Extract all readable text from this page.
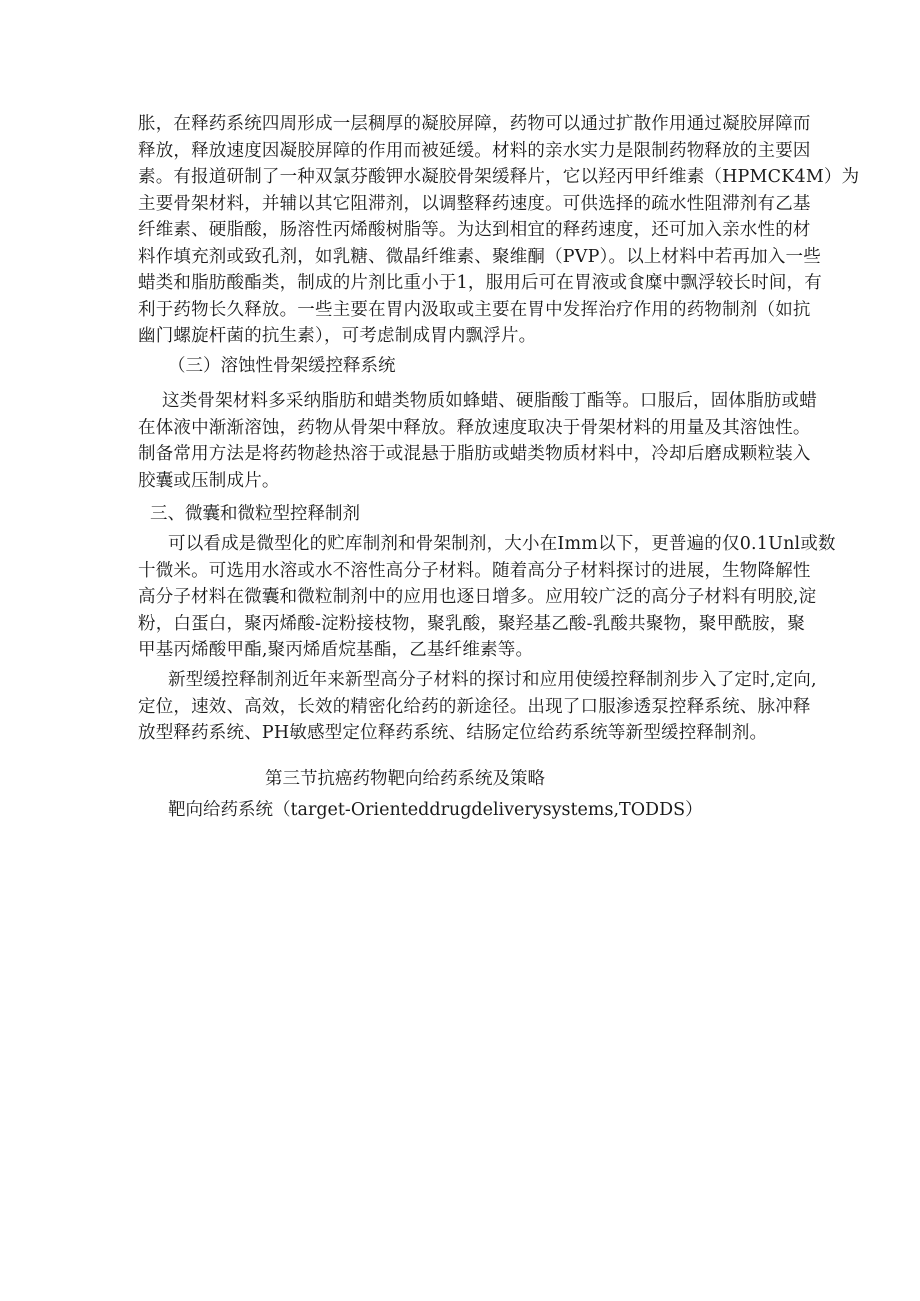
胀，在释药系统四周形成一层稠厚的凝胶屏障，药物可以通过扩散作用通过凝胶屏障而
释放，释放速度因凝胶屏障的作用而被延缓。材料的亲水实力是限制药物释放的主要因
素。有报道研制了一种双氯芬酸钾水凝胶骨架缓释片，它以羟丙甲纤维素（HPMCK4M）为
主要骨架材料，并辅以其它阻滞剂，以调整释药速度。可供选择的疏水性阻滞剂有乙基
纤维素、硬脂酸，肠溶性丙烯酸树脂等。为达到相宜的释药速度，还可加入亲水性的材
料作填充剂或致孔剂，如乳糖、微晶纤维素、聚维酮（PVP）。以上材料中若再加入一些
蜡类和脂肪酸酯类，制成的片剂比重小于1，服用后可在胃液或食糜中飘浮较长时间，有
利于药物长久释放。一些主要在胃内汲取或主要在胃中发挥治疗作用的药物制剂（如抗
幽门螺旋杆菌的抗生素），可考虑制成胃内飘浮片。
（三）溶蚀性骨架缓控释系统
这类骨架材料多采纳脂肪和蜡类物质如蜂蜡、硬脂酸丁酯等。口服后，固体脂肪或蜡
在体液中渐渐溶蚀，药物从骨架中释放。释放速度取决于骨架材料的用量及其溶蚀性。
制备常用方法是将药物趁热溶于或混悬于脂肪或蜡类物质材料中，冷却后磨成颗粒装入
胶囊或压制成片。
三、微囊和微粒型控释制剂
可以看成是微型化的贮库制剂和骨架制剂，大小在Imm以下，更普遍的仅0.1Unl或数
十微米。可选用水溶或水不溶性高分子材料。随着高分子材料探讨的进展，生物降解性
高分子材料在微囊和微粒制剂中的应用也逐日增多。应用较广泛的高分子材料有明胶,淀
粉，白蛋白，聚丙烯酸-淀粉接枝物，聚乳酸，聚羟基乙酸-乳酸共聚物，聚甲酰胺，聚
甲基丙烯酸甲酯,聚丙烯盾烷基酯，乙基纤维素等。
新型缓控释制剂近年来新型高分子材料的探讨和应用使缓控释制剂步入了定时,定向,
定位，速效、高效，长效的精密化给药的新途径。出现了口服渗透泵控释系统、脉冲释
放型释药系统、PH敏感型定位释药系统、结肠定位给药系统等新型缓控释制剂。
第三节抗癌药物靶向给药系统及策略
靶向给药系统（target-Orienteddrugdeliverysystems,TODDS）
